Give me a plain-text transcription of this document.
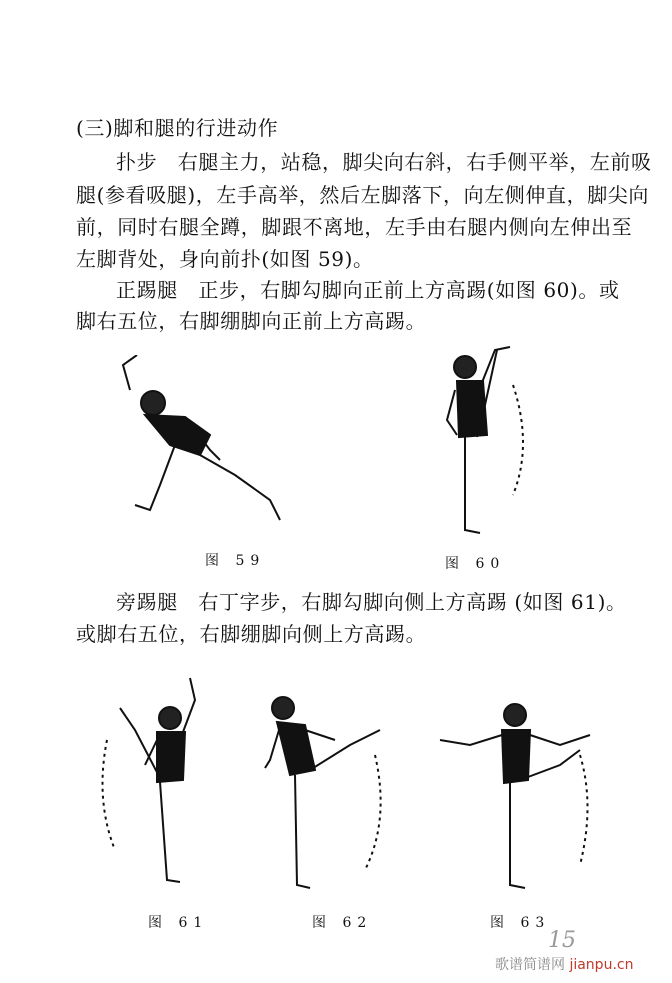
(三)脚和腿的行进动作
扑步　右腿主力，站稳，脚尖向右斜，右手侧平举，左前吸
腿(参看吸腿)，左手高举，然后左脚落下，向左侧伸直，脚尖向
前，同时右腿全蹲，脚跟不离地，左手由右腿内侧向左伸出至
左脚背处，身向前扑(如图 59)。
正踢腿　正步，右脚勾脚向正前上方高踢(如图 60)。或
脚右五位，右脚绷脚向正前上方高踢。
图 59	图 60
旁踢腿　右丁字步，右脚勾脚向侧上方高踢 (如图 61)。
或脚右五位，右脚绷脚向侧上方高踢。
图 61	图 62	图 63
15
歌谱简谱网 jianpu.cn
